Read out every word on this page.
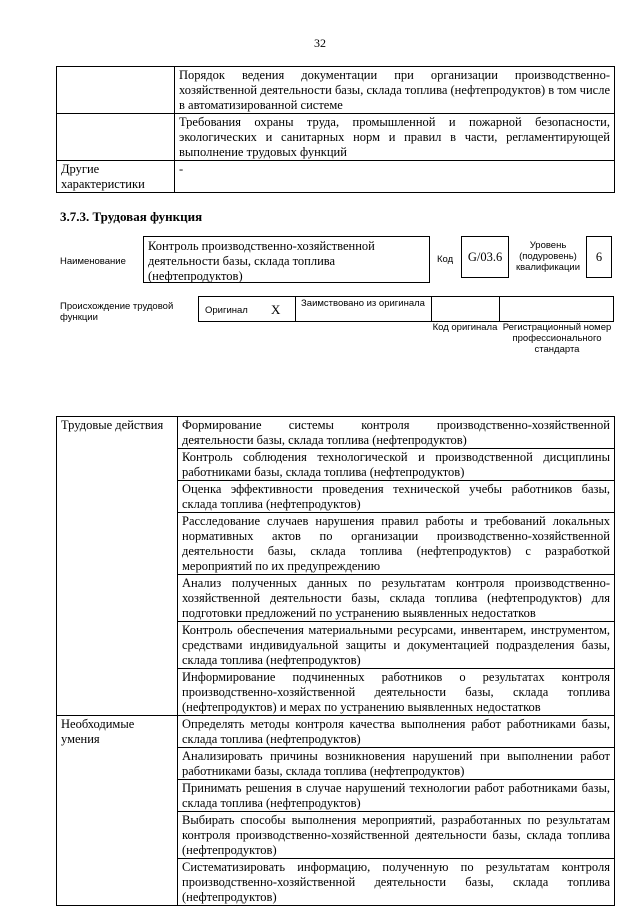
32
	Порядок ведения документации при организации производственно-хозяйственной деятельности базы, склада топлива (нефтепродуктов) в том числе в автоматизированной системе
	Требования охраны труда, промышленной и пожарной безопасности, экологических и санитарных норм и правил в части, регламентирующей выполнение трудовых функций
Другие характеристики	-
3.7.3. Трудовая функция
Наименование
Контроль производственно-хозяйственной деятельности базы, склада топлива (нефтепродуктов)
Код	G/03.6
Уровень (подуровень) квалификации
6
Происхождение трудовой функции
Оригинал X Заимствовано из оригинала
Код оригинала Регистрационный номер профессионального стандарта
Трудовые действия	Формирование системы контроля производственно-хозяйственной деятельности базы, склада топлива (нефтепродуктов)
	Контроль соблюдения технологической и производственной дисциплины работниками базы, склада топлива (нефтепродуктов)
	Оценка эффективности проведения технической учебы работников базы, склада топлива (нефтепродуктов)
	Расследование случаев нарушения правил работы и требований локальных нормативных актов по организации производственно-хозяйственной деятельности базы, склада топлива (нефтепродуктов) с разработкой мероприятий по их предупреждению
	Анализ полученных данных по результатам контроля производственно-хозяйственной деятельности базы, склада топлива (нефтепродуктов) для подготовки предложений по устранению выявленных недостатков
	Контроль обеспечения материальными ресурсами, инвентарем, инструментом, средствами индивидуальной защиты и документацией подразделения базы, склада топлива (нефтепродуктов)
	Информирование подчиненных работников о результатах контроля производственно-хозяйственной деятельности базы, склада топлива (нефтепродуктов) и мерах по устранению выявленных недостатков
Необходимые умения	Определять методы контроля качества выполнения работ работниками базы, склада топлива (нефтепродуктов)
	Анализировать причины возникновения нарушений при выполнении работ работниками базы, склада топлива (нефтепродуктов)
	Принимать решения в случае нарушений технологии работ работниками базы, склада топлива (нефтепродуктов)
	Выбирать способы выполнения мероприятий, разработанных по результатам контроля производственно-хозяйственной деятельности базы, склада топлива (нефтепродуктов)
	Систематизировать информацию, полученную по результатам контроля производственно-хозяйственной деятельности базы, склада топлива (нефтепродуктов)
